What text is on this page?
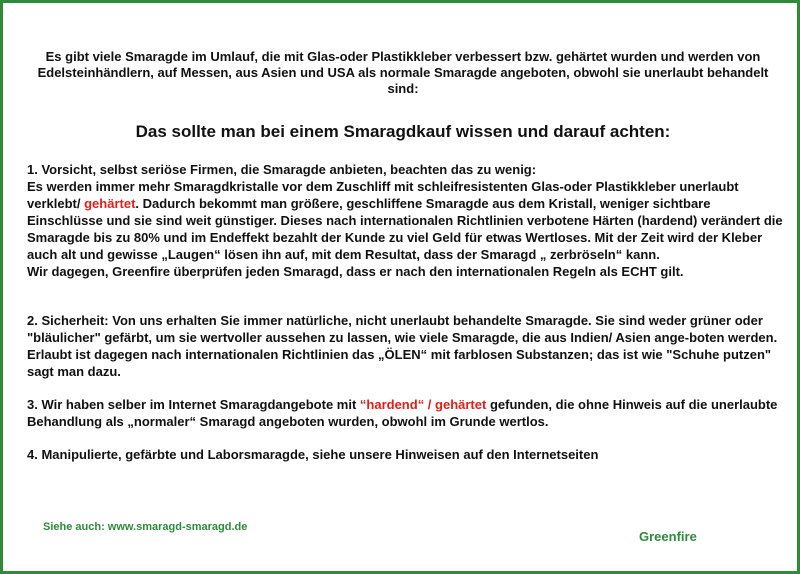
Es gibt viele Smaragde im Umlauf, die mit Glas-oder Plastikkleber verbessert bzw. gehärtet wurden und werden von Edelsteinhändlern, auf Messen, aus Asien und USA als normale Smaragde angeboten, obwohl sie unerlaubt behandelt sind:
Das sollte man bei einem Smaragdkauf wissen und darauf achten:
1. Vorsicht, selbst seriöse Firmen, die Smaragde anbieten, beachten das zu wenig:
Es werden immer mehr Smaragdkristalle vor dem Zuschliff mit schleifresistenten Glas-oder Plastikkleber unerlaubt verklebt/ gehärtet. Dadurch bekommt man größere, geschliffene Smaragde aus dem Kristall, weniger sichtbare Einschlüsse und sie sind weit günstiger. Dieses nach internationalen Richtlinien verbotene Härten (hardend) verändert die Smaragde bis zu 80% und im Endeffekt bezahlt der Kunde zu viel Geld für etwas Wertloses. Mit der Zeit wird der Kleber auch alt und gewisse „Laugen“ lösen ihn auf, mit dem Resultat, dass der Smaragd „ zerbröseln“ kann.
Wir dagegen, Greenfire überprüfen jeden Smaragd, dass er nach den internationalen Regeln als ECHT gilt.
2. Sicherheit: Von uns erhalten Sie immer natürliche, nicht unerlaubt behandelte Smaragde. Sie sind weder grüner oder "bläulicher" gefärbt, um sie wertvoller aussehen zu lassen, wie viele Smaragde, die aus Indien/ Asien ange-boten werden. Erlaubt ist dagegen nach internationalen Richtlinien das „ÖLEN“ mit farblosen Substanzen; das ist wie "Schuhe putzen" sagt man dazu.
3. Wir haben selber im Internet Smaragdangebote mit “hardend“ / gehärtet gefunden, die ohne Hinweis auf die unerlaubte Behandlung als „normaler“ Smaragd angeboten wurden, obwohl im Grunde wertlos.
4. Manipulierte, gefärbte und Laborsmaragde, siehe unsere Hinweisen auf den Internetseiten
Siehe auch: www.smaragd-smaragd.de
Greenfire
